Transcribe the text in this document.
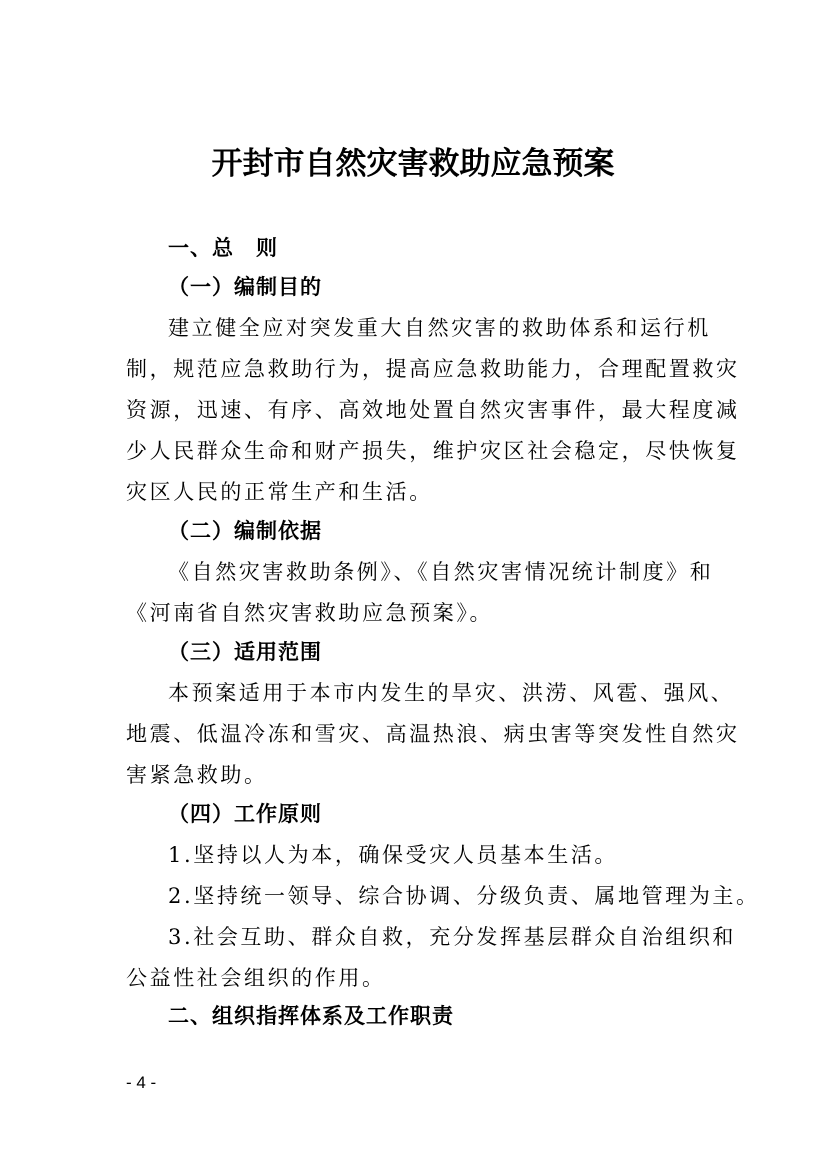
开封市自然灾害救助应急预案
一、总　则
（一）编制目的
建立健全应对突发重大自然灾害的救助体系和运行机
制，规范应急救助行为，提高应急救助能力，合理配置救灾
资源，迅速、有序、高效地处置自然灾害事件，最大程度减
少人民群众生命和财产损失，维护灾区社会稳定，尽快恢复
灾区人民的正常生产和生活。
（二）编制依据
《自然灾害救助条例》、《自然灾害情况统计制度》和
《河南省自然灾害救助应急预案》。
（三）适用范围
本预案适用于本市内发生的旱灾、洪涝、风雹、强风、
地震、低温冷冻和雪灾、高温热浪、病虫害等突发性自然灾
害紧急救助。
（四）工作原则
1.坚持以人为本，确保受灾人员基本生活。
2.坚持统一领导、综合协调、分级负责、属地管理为主。
3.社会互助、群众自救，充分发挥基层群众自治组织和
公益性社会组织的作用。
二、组织指挥体系及工作职责
- 4 -
